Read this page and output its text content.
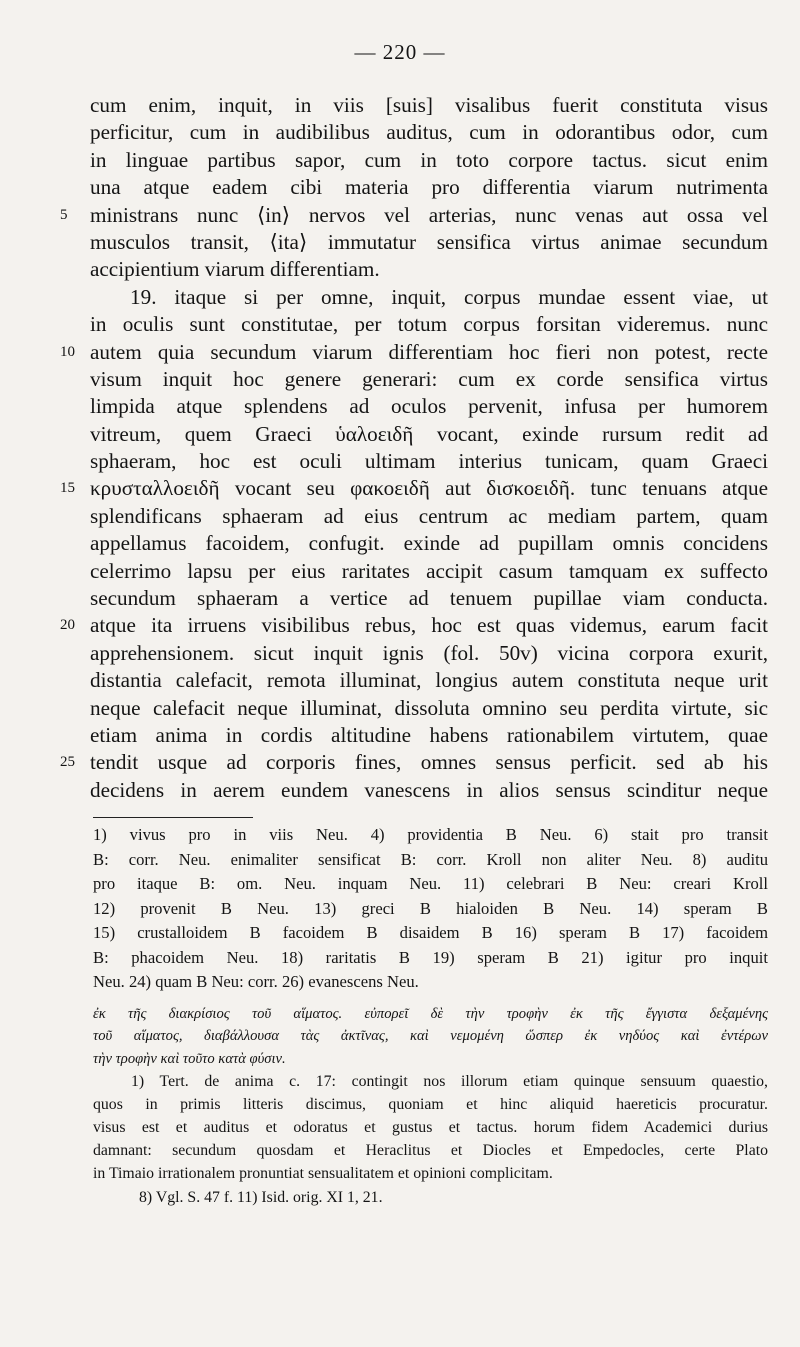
— 220 —
cum enim, inquit, in viis [suis] visalibus fuerit constituta visus
perficitur, cum in audibilibus auditus, cum in odorantibus odor, cum
in linguae partibus sapor, cum in toto corpore tactus. sicut enim
una atque eadem cibi materia pro differentia viarum nutrimenta
5	ministrans nunc ⟨in⟩ nervos vel arterias, nunc venas aut ossa vel
musculos transit, ⟨ita⟩ immutatur sensifica virtus animae secundum
accipientium viarum differentiam.
19. itaque si per omne, inquit, corpus mundae essent viae, ut
in oculis sunt constitutae, per totum corpus forsitan videremus. nunc
10 autem quia secundum viarum differentiam hoc fieri non potest, recte
visum inquit hoc genere generari: cum ex corde sensifica virtus
limpida atque splendens ad oculos pervenit, infusa per humorem
vitreum, quem Graeci ὑαλοειδῆ vocant, exinde rursum redit ad
sphaeram, hoc est oculi ultimam interius tunicam, quam Graeci
15 κρυσταλλοειδῆ vocant seu φακοειδῆ aut δισκοειδῆ. tunc tenuans atque
splendificans sphaeram ad eius centrum ac mediam partem, quam
appellamus facoidem, confugit. exinde ad pupillam omnis concidens
celerrimo lapsu per eius raritates accipit casum tamquam ex suffecto
secundum sphaeram a vertice ad tenuem pupillae viam conducta.
20 atque ita irruens visibilibus rebus, hoc est quas videmus, earum facit
apprehensionem. sicut inquit ignis (fol. 50v) vicina corpora exurit,
distantia calefacit, remota illuminat, longius autem constituta neque urit
neque calefacit neque illuminat, dissoluta omnino seu perdita virtute, sic
etiam anima in cordis altitudine habens rationabilem virtutem, quae
25 tendit usque ad corporis fines, omnes sensus perficit. sed ab his
decidens in aerem eundem vanescens in alios sensus scinditur neque
1) vivus pro in viis Neu. 4) providentia B Neu. 6) stait pro transit
B: corr. Neu. enimaliter sensificat B: corr. Kroll non aliter Neu. 8) auditu
pro itaque B: om. Neu. inquam Neu. 11) celebrari B Neu: creari Kroll
12) provenit B Neu. 13) greci B hialoiden B Neu. 14) speram B
15) crustalloidem B facoidem B disaidem B 16) speram B 17) facoidem
B: phacoidem Neu. 18) raritatis B 19) speram B 21) igitur pro inquit
Neu. 24) quam B Neu: corr. 26) evanescens Neu.
ἐκ τῆς διακρίσιος τοῦ αἵματος. εὐπορεῖ δὲ τὴν τροφὴν ἐκ τῆς ἔγγιστα δεξαμένης
τοῦ αἵματος, διαβάλλουσα τὰς ἀκτῖνας, καὶ νεμομένη ὥσπερ ἐκ νηδύος καὶ ἐντέρων
τὴν τροφὴν καὶ τοῦτο κατὰ φύσιν.
1) Tert. de anima c. 17: contingit nos illorum etiam quinque sensuum quaestio,
quos in primis litteris discimus, quoniam et hinc aliquid haereticis procuratur.
visus est et auditus et odoratus et gustus et tactus. horum fidem Academici durius
damnant: secundum quosdam et Heraclitus et Diocles et Empedocles, certe Plato
in Timaio irrationalem pronuntiat sensualitatem et opinioni complicitam.
8) Vgl. S. 47 f. 11) Isid. orig. XI 1, 21.
